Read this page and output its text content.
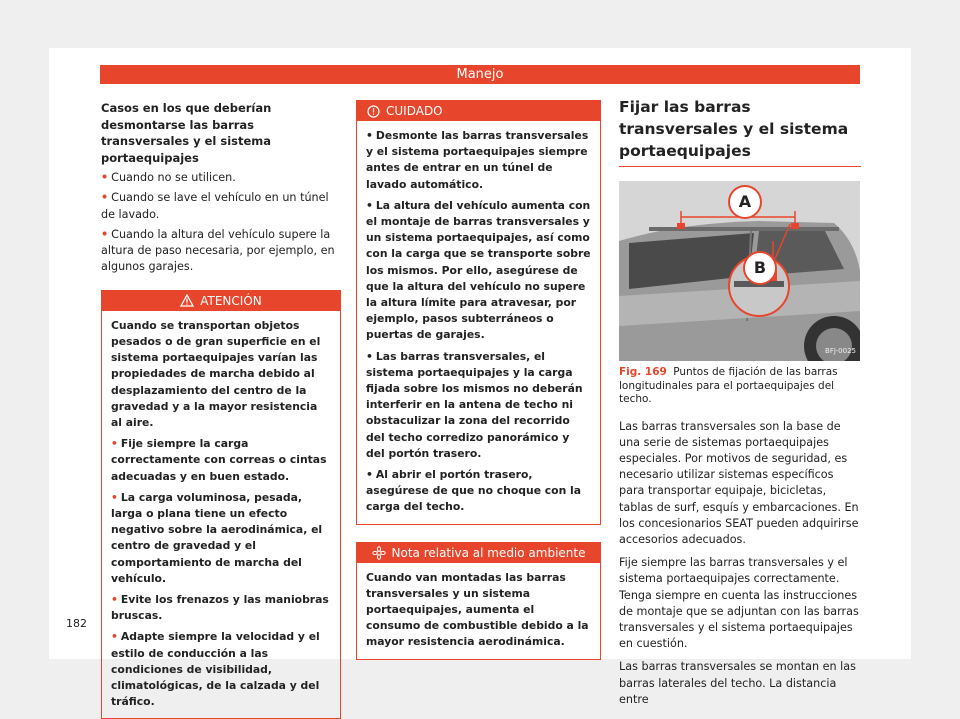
Manejo
Casos en los que deberían desmontarse las barras transversales y el sistema portaequipajes
• Cuando no se utilicen.
• Cuando se lave el vehículo en un túnel de lavado.
• Cuando la altura del vehículo supere la altura de paso necesaria, por ejemplo, en algunos garajes.
ATENCIÓN

Cuando se transportan objetos pesados o de gran superficie en el sistema portaequipajes varían las propiedades de marcha debido al desplazamiento del centro de la gravedad y a la mayor resistencia al aire.

• Fije siempre la carga correctamente con correas o cintas adecuadas y en buen estado.

• La carga voluminosa, pesada, larga o plana tiene un efecto negativo sobre la aerodinámica, el centro de gravedad y el comportamiento de marcha del vehículo.

• Evite los frenazos y las maniobras bruscas.

• Adapte siempre la velocidad y el estilo de conducción a las condiciones de visibilidad, climatológicas, de la calzada y del tráfico.

CUIDADO

• Desmonte las barras transversales y el sistema portaequipajes siempre antes de entrar en un túnel de lavado automático.

• La altura del vehículo aumenta con el montaje de barras transversales y un sistema portaequipajes, así como con la carga que se transporte sobre los mismos. Por ello, asegúrese de que la altura del vehículo no supere la altura límite para atravesar, por ejemplo, pasos subterráneos o puertas de garajes.

• Las barras transversales, el sistema portaequipajes y la carga fijada sobre los mismos no deberán interferir en la antena de techo ni obstaculizar la zona del recorrido del techo corredizo panorámico y del portón trasero.

• Al abrir el portón trasero, asegúrese de que no choque con la carga del techo.

Nota relativa al medio ambiente

Cuando van montadas las barras transversales y un sistema portaequipajes, aumenta el consumo de combustible debido a la mayor resistencia aerodinámica.

Fijar las barras transversales y el sistema portaequipajes
A
B
BFJ-0025
Fig. 169 Puntos de fijación de las barras longitudinales para el portaequipajes del techo.

Las barras transversales son la base de una serie de sistemas portaequipajes especiales. Por motivos de seguridad, es necesario utilizar sistemas específicos para transportar equipaje, bicicletas, tablas de surf, esquís y embarcaciones. En los concesionarios SEAT pueden adquirirse accesorios adecuados.

Fije siempre las barras transversales y el sistema portaequipajes correctamente. Tenga siempre en cuenta las instrucciones de montaje que se adjuntan con las barras transversales y el sistema portaequipajes en cuestión.

Las barras transversales se montan en las barras laterales del techo. La distancia entre

182
